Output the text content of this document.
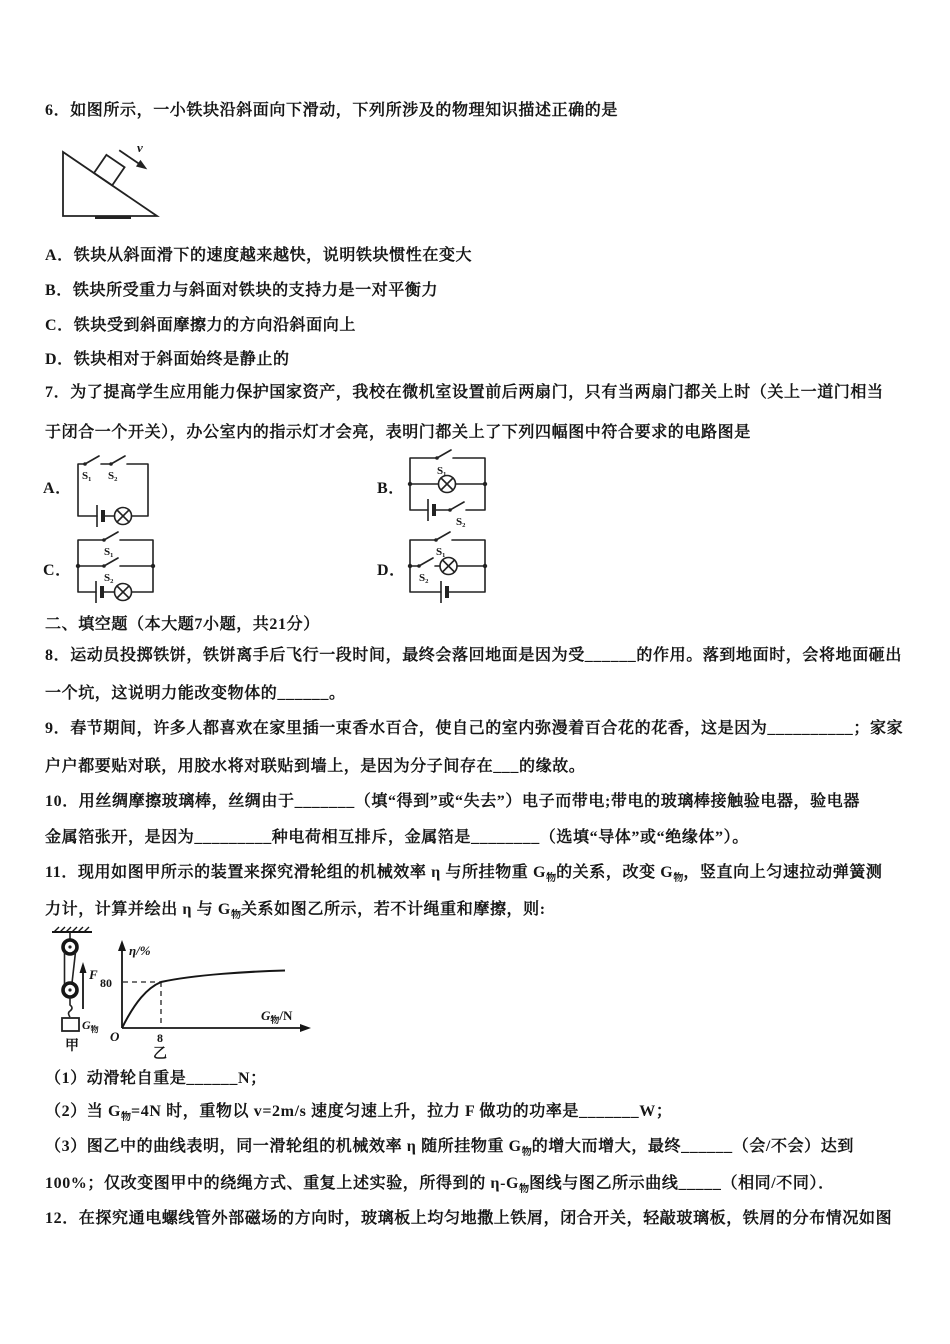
6．如图所示，一小铁块沿斜面向下滑动，下列所涉及的物理知识描述正确的是
v
A．铁块从斜面滑下的速度越来越快，说明铁块惯性在变大
B．铁块所受重力与斜面对铁块的支持力是一对平衡力
C．铁块受到斜面摩擦力的方向沿斜面向上
D．铁块相对于斜面始终是静止的
7．为了提高学生应用能力保护国家资产，我校在微机室设置前后两扇门，只有当两扇门都关上时（关上一道门相当
于闭合一个开关），办公室内的指示灯才会亮，表明门都关上了下列四幅图中符合要求的电路图是
A．
S₁ S₂
B．
S₁
S₂
C．
S₁
S₂	D．
S₁
S₂
二、填空题（本大题7小题，共21分）
8．运动员投掷铁饼，铁饼离手后飞行一段时间，最终会落回地面是因为受______的作用。落到地面时，会将地面砸出
一个坑，这说明力能改变物体的______。
9．春节期间，许多人都喜欢在家里插一束香水百合，使自己的室内弥漫着百合花的花香，这是因为__________；家家
户户都要贴对联，用胶水将对联贴到墙上，是因为分子间存在___的缘故。
10．用丝绸摩擦玻璃棒，丝绸由于_______（填“得到”或“失去”）电子而带电;带电的玻璃棒接触验电器，验电器
金属箔张开，是因为_________种电荷相互排斥，金属箔是________（选填“导体”或“绝缘体”）。
11．现用如图甲所示的装置来探究滑轮组的机械效率 η 与所挂物重 $G_物$的关系，改变 $G_物$，竖直向上匀速拉动弹簧测
力计，计算并绘出 η 与 $G_物$关系如图乙所示，若不计绳重和摩擦，则:
F
$G_物$
甲
η/%
80
O	8
乙
$G_物/N$
（1）动滑轮自重是______N；
（2）当 $G_物=4N$ 时，重物以 v=2m/s 速度匀速上升，拉力 F 做功的功率是_______W；
（3）图乙中的曲线表明，同一滑轮组的机械效率 η 随所挂物重 $G_物$的增大而增大，最终______（会/不会）达到
100%；仅改变图甲中的绕绳方式、重复上述实验，所得到的 $\eta-G_物$图线与图乙所示曲线_____（相同/不同）．
12．在探究通电螺线管外部磁场的方向时，玻璃板上均匀地撒上铁屑，闭合开关，轻敲玻璃板，铁屑的分布情况如图
